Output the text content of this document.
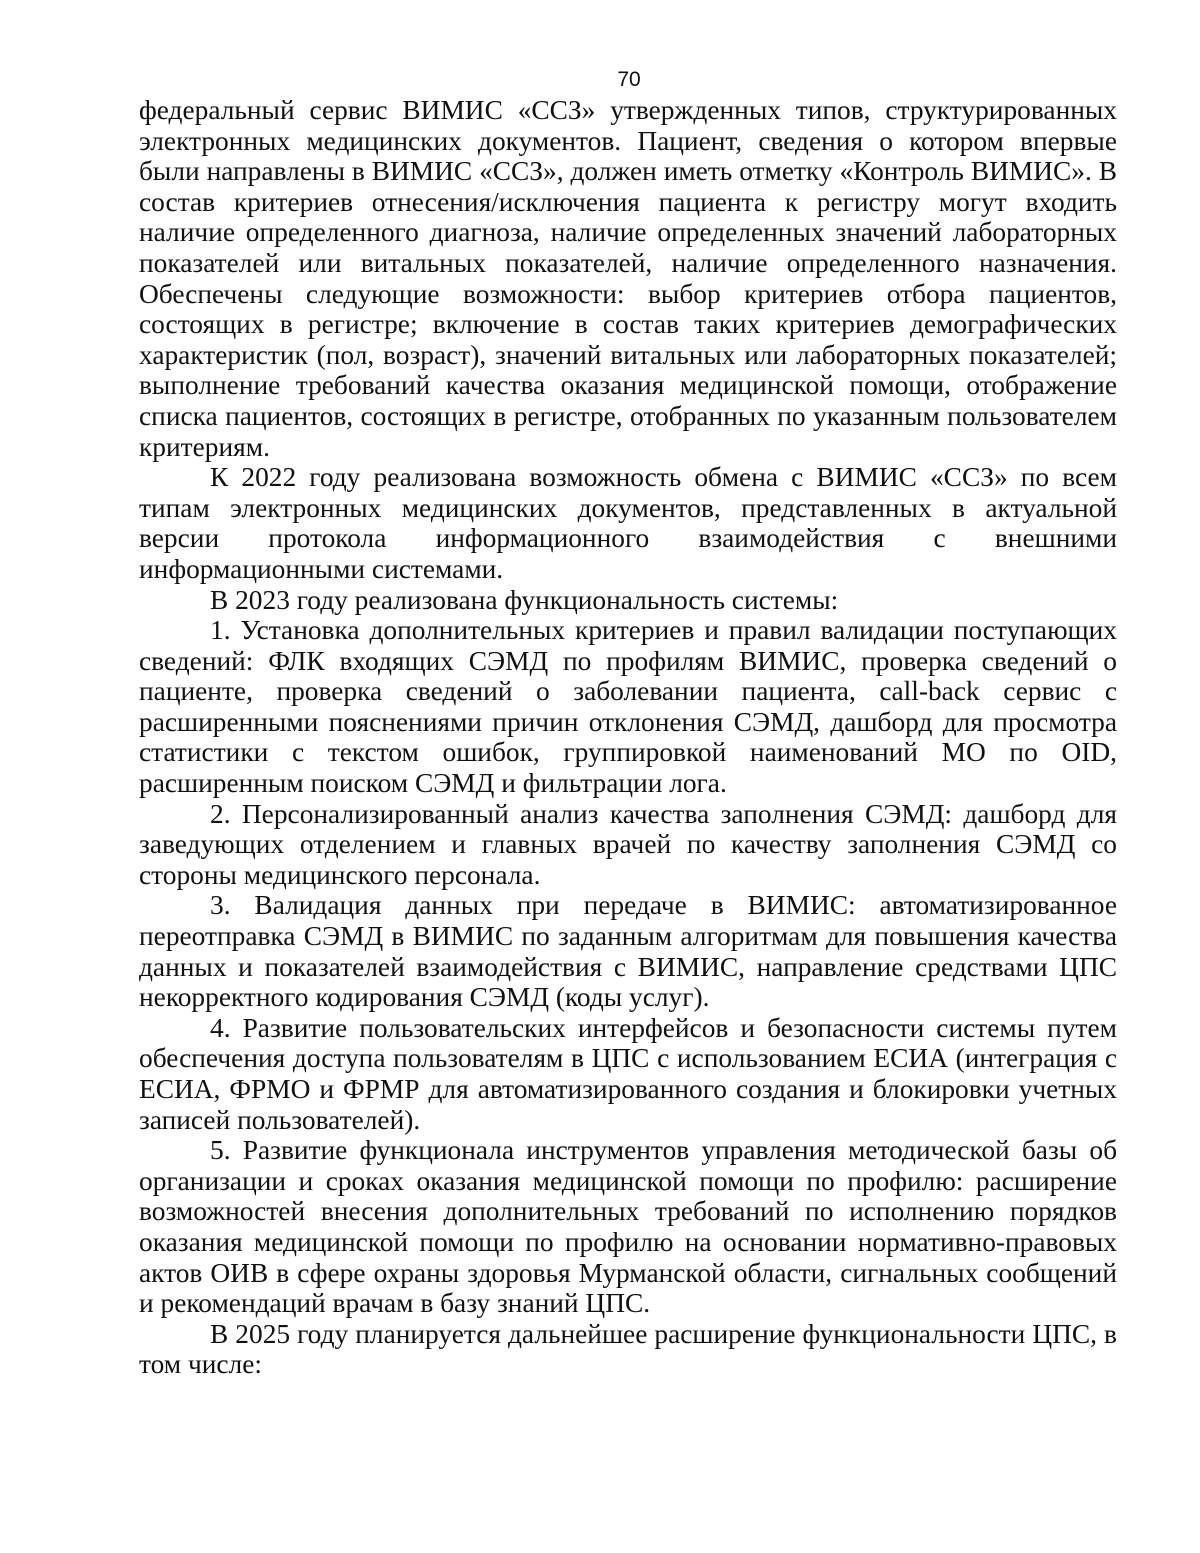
70

федеральный сервис ВИМИС «ССЗ» утвержденных типов, структурированных электронных медицинских документов. Пациент, сведения о котором впервые были направлены в ВИМИС «ССЗ», должен иметь отметку «Контроль ВИМИС». В состав критериев отнесения/исключения пациента к регистру могут входить наличие определенного диагноза, наличие определенных значений лабораторных показателей или витальных показателей, наличие определенного назначения. Обеспечены следующие возможности: выбор критериев отбора пациентов, состоящих в регистре; включение в состав таких критериев демографических характеристик (пол, возраст), значений витальных или лабораторных показателей; выполнение требований качества оказания медицинской помощи, отображение списка пациентов, состоящих в регистре, отобранных по указанным пользователем критериям.

К 2022 году реализована возможность обмена с ВИМИС «ССЗ» по всем типам электронных медицинских документов, представленных в актуальной версии протокола информационного взаимодействия с внешними информационными системами.

В 2023 году реализована функциональность системы:

1. Установка дополнительных критериев и правил валидации поступающих сведений: ФЛК входящих СЭМД по профилям ВИМИС, проверка сведений о пациенте, проверка сведений о заболевании пациента, call-back сервис с расширенными пояснениями причин отклонения СЭМД, дашборд для просмотра статистики с текстом ошибок, группировкой наименований МО по OID, расширенным поиском СЭМД и фильтрации лога.

2. Персонализированный анализ качества заполнения СЭМД: дашборд для заведующих отделением и главных врачей по качеству заполнения СЭМД со стороны медицинского персонала.

3. Валидация данных при передаче в ВИМИС: автоматизированное переотправка СЭМД в ВИМИС по заданным алгоритмам для повышения качества данных и показателей взаимодействия с ВИМИС, направление средствами ЦПС некорректного кодирования СЭМД (коды услуг).

4. Развитие пользовательских интерфейсов и безопасности системы путем обеспечения доступа пользователям в ЦПС с использованием ЕСИА (интеграция с ЕСИА, ФРМО и ФРМР для автоматизированного создания и блокировки учетных записей пользователей).

5. Развитие функционала инструментов управления методической базы об организации и сроках оказания медицинской помощи по профилю: расширение возможностей внесения дополнительных требований по исполнению порядков оказания медицинской помощи по профилю на основании нормативно-правовых актов ОИВ в сфере охраны здоровья Мурманской области, сигнальных сообщений и рекомендаций врачам в базу знаний ЦПС.

В 2025 году планируется дальнейшее расширение функциональности ЦПС, в том числе:
